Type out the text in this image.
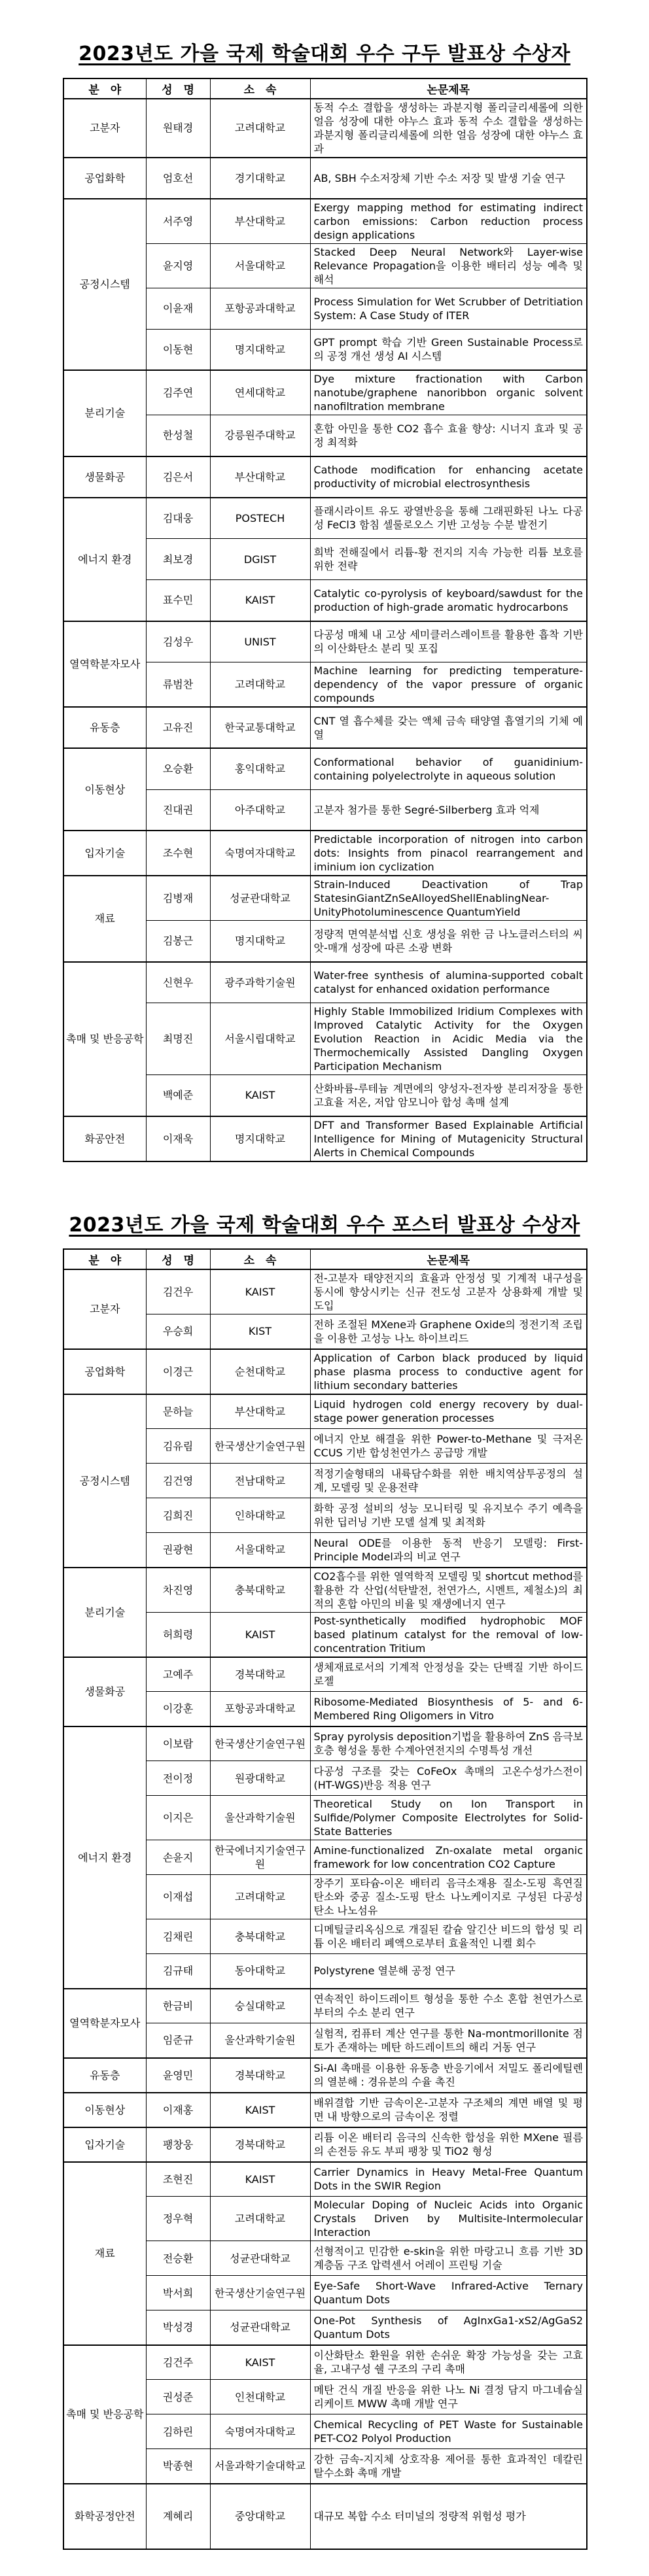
2023년도 가을 국제 학술대회 우수 구두 발표상 수상자
분　야	성　명	소　속	논문제목
고분자	원태경	고려대학교	동적 수소 결합을 생성하는 과분지형 폴리글리세롤에 의한 얼음 성장에 대한 야누스 효과 동적 수소 결합을 생성하는 과분지형 폴리글리세롤에 의한 얼음 성장에 대한 야누스 효과
공업화학	엄호선	경기대학교	AB, SBH 수소저장체 기반 수소 저장 및 발생 기술 연구
공정시스템	서주영	부산대학교	Exergy mapping method for estimating indirect carbon emissions: Carbon reduction process design applications
	윤지영	서울대학교	Stacked Deep Neural Network와 Layer-wise Relevance Propagation을 이용한 배터리 성능 예측 및 해석
	이윤재	포항공과대학교	Process Simulation for Wet Scrubber of Detritiation System: A Case Study of ITER
	이동현	명지대학교	GPT prompt 학습 기반 Green Sustainable Process로의 공정 개선 생성 AI 시스템
분리기술	김주연	연세대학교	Dye mixture fractionation with Carbon nanotube/graphene nanoribbon organic solvent nanofiltration membrane
	한성철	강릉원주대학교	혼합 아민을 통한 CO2 흡수 효율 향상: 시너지 효과 및 공정 최적화
생물화공	김은서	부산대학교	Cathode modification for enhancing acetate productivity of microbial electrosynthesis
에너지 환경	김대웅	POSTECH	플래시라이트 유도 광열반응을 통해 그래핀화된 나노 다공성 FeCl3 함침 셀룰로오스 기반 고성능 수분 발전기
	최보경	DGIST	희박 전해질에서 리튬-황 전지의 지속 가능한 리튬 보호를 위한 전략
	표수민	KAIST	Catalytic co-pyrolysis of keyboard/sawdust for the production of high-grade aromatic hydrocarbons
열역학분자모사	김성우	UNIST	다공성 매체 내 고상 세미클러스레이트를 활용한 흡착 기반의 이산화탄소 분리 및 포집
	류범찬	고려대학교	Machine learning for predicting temperature-dependency of the vapor pressure of organic compounds
유동층	고유진	한국교통대학교	CNT 열 흡수체를 갖는 액체 금속 태양열 흡열기의 기체 예열
이동현상	오승환	홍익대학교	Conformational behavior of guanidinium-containing polyelectrolyte in aqueous solution
	진대권	아주대학교	고분자 첨가를 통한 Segré-Silberberg 효과 억제
입자기술	조수현	숙명여자대학교	Predictable incorporation of nitrogen into carbon dots: Insights from pinacol rearrangement and iminium ion cyclization
재료	김병재	성균관대학교	Strain-Induced Deactivation of Trap StatesinGiantZnSeAlloyedShellEnablingNear-UnityPhotoluminescence QuantumYield
	김봉근	명지대학교	정량적 면역분석법 신호 생성을 위한 금 나노클러스터의 씨앗-매개 성장에 따른 소광 변화
촉매 및 반응공학	신현우	광주과학기술원	Water-free synthesis of alumina-supported cobalt catalyst for enhanced oxidation performance
	최명진	서울시립대학교	Highly Stable Immobilized Iridium Complexes with Improved Catalytic Activity for the Oxygen Evolution Reaction in Acidic Media via the Thermochemically Assisted Dangling Oxygen Participation Mechanism
	백예준	KAIST	산화바륨-루테늄 계면에의 양성자-전자쌍 분리저장을 통한 고효율 저온, 저압 암모니아 합성 촉매 설계
화공안전	이재욱	명지대학교	DFT and Transformer Based Explainable Artificial Intelligence for Mining of Mutagenicity Structural Alerts in Chemical Compounds
2023년도 가을 국제 학술대회 우수 포스터 발표상 수상자
분　야	성　명	소　속	논문제목
고분자	김건우	KAIST	전-고분자 태양전지의 효율과 안정성 및 기계적 내구성을 동시에 향상시키는 신규 전도성 고분자 상용화제 개발 및 도입
	우승희	KIST	전하 조절된 MXene과 Graphene Oxide의 정전기적 조립을 이용한 고성능 나노 하이브리드
공업화학	이경근	순천대학교	Application of Carbon black produced by liquid phase plasma process to conductive agent for lithium secondary batteries
공정시스템	문하늘	부산대학교	Liquid hydrogen cold energy recovery by dual-stage power generation processes
	김유림	한국생산기술연구원	에너지 안보 해결을 위한 Power-to-Methane 및 극저온 CCUS 기반 합성천연가스 공급망 개발
	김건영	전남대학교	적정기술형태의 내륙담수화를 위한 배치역삼투공정의 설계, 모델링 및 운용전략
	김희진	인하대학교	화학 공정 설비의 성능 모니터링 및 유지보수 주기 예측을 위한 딥러닝 기반 모델 설계 및 최적화
	권광현	서울대학교	Neural ODE를 이용한 동적 반응기 모델링: First-Principle Model과의 비교 연구
분리기술	차진영	충북대학교	CO2흡수를 위한 열역학적 모델링 및 shortcut method를 활용한 각 산업(석탄발전, 천연가스, 시멘트, 제철소)의 최적의 혼합 아민의 비율 및 재생에너지 연구
	허희령	KAIST	Post-synthetically modified hydrophobic MOF based platinum catalyst for the removal of low-concentration Tritium
생물화공	고예주	경북대학교	생체재료로서의 기계적 안정성을 갖는 단백질 기반 하이드로젤
	이강훈	포항공과대학교	Ribosome-Mediated Biosynthesis of 5- and 6-Membered Ring Oligomers in Vitro
에너지 환경	이보람	한국생산기술연구원	Spray pyrolysis deposition기법을 활용하여 ZnS 음극보호층 형성을 통한 수계아연전지의 수명특성 개선
	전이정	원광대학교	다공성 구조를 갖는 CoFeOx 촉매의 고온수성가스전이 (HT-WGS)반응 적용 연구
	이지은	울산과학기술원	Theoretical Study on Ion Transport in Sulfide/Polymer Composite Electrolytes for Solid-State Batteries
	손윤지	한국에너지기술연구원	Amine-functionalized Zn-oxalate metal organic framework for low concentration CO2 Capture
	이재섭	고려대학교	장주기 포타슘-이온 배터리 음극소재용 질소-도핑 흑연질 탄소와 중공 질소-도핑 탄소 나노케이지로 구성된 다공성 탄소 나노섬유
	김채린	충북대학교	디메틸글리옥심으로 개질된 칼슘 알긴산 비드의 합성 및 리튬 이온 배터리 폐액으로부터 효율적인 니켈 회수
	김규태	동아대학교	Polystyrene 열분해 공정 연구
열역학분자모사	한금비	숭실대학교	연속적인 하이드레이트 형성을 통한 수소 혼합 천연가스로부터의 수소 분리 연구
	임준규	울산과학기술원	실험적, 컴퓨터 계산 연구를 통한 Na-montmorillonite 점토가 존재하는 메탄 하드레이트의 해리 거동 연구
유동층	윤영민	경북대학교	Si-Al 촉매를 이용한 유동층 반응기에서 저밀도 폴리에틸렌의 열분해 : 경유분의 수율 촉진
이동현상	이재홍	KAIST	배위결합 기반 금속이온-고분자 구조체의 계면 배열 및 평면 내 방향으로의 금속이온 정렬
입자기술	팽창웅	경북대학교	리튬 이온 배터리 음극의 신속한 합성을 위한 MXene 필름의 손전등 유도 부피 팽창 및 TiO2 형성
재료	조현진	KAIST	Carrier Dynamics in Heavy Metal-Free Quantum Dots in the SWIR Region
	정우혁	고려대학교	Molecular Doping of Nucleic Acids into Organic Crystals Driven by Multisite-Intermolecular Interaction
	전승환	성균관대학교	선형적이고 민감한 e-skin을 위한 마랑고니 흐름 기반 3D 계층돔 구조 압력센서 어레이 프린팅 기술
	박서희	한국생산기술연구원	Eye-Safe Short-Wave Infrared-Active Ternary Quantum Dots
	박성경	성균관대학교	One-Pot Synthesis of AgInxGa1-xS2/AgGaS2 Quantum Dots
촉매 및 반응공학	김건주	KAIST	이산화탄소 환원을 위한 손쉬운 확장 가능성을 갖는 고효율, 고내구성 쉘 구조의 구리 촉매
	권성준	인천대학교	메탄 건식 개질 반응을 위한 나노 Ni 결정 담지 마그네슘실리케이트 MWW 촉매 개발 연구
	김하린	숙명여자대학교	Chemical Recycling of PET Waste for Sustainable PET-CO2 Polyol Production
	박종현	서울과학기술대학교	강한 금속-지지체 상호작용 제어를 통한 효과적인 데칼린 탈수소화 촉매 개발
화학공정안전	계혜리	중앙대학교	대규모 복합 수소 터미널의 정량적 위험성 평가
